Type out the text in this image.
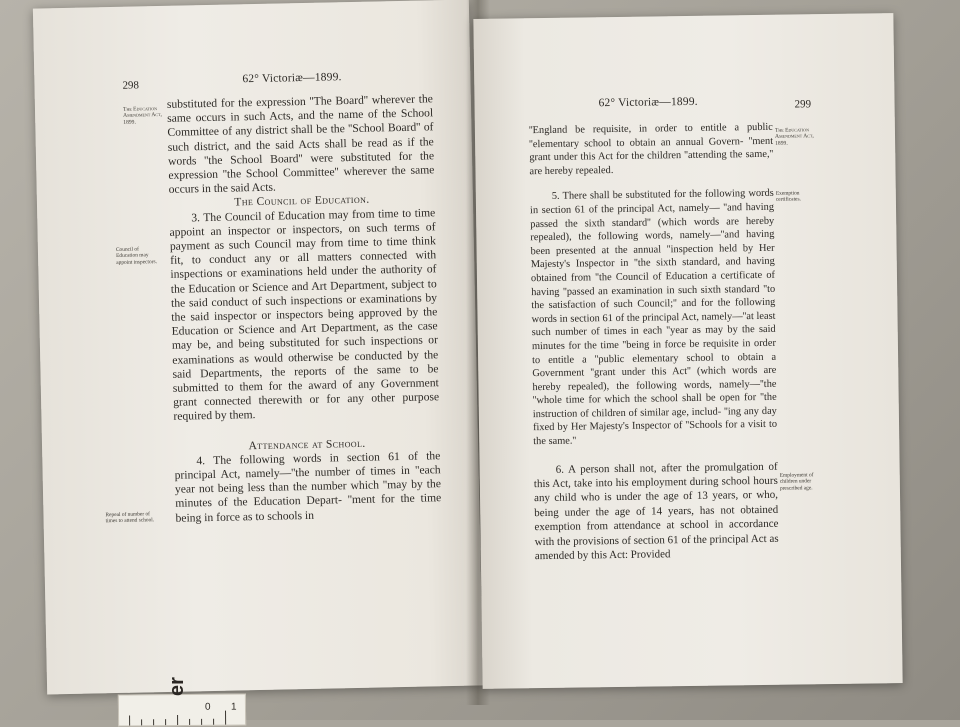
298
62° Victoriæ—1899.
The Education Amendment Act, 1899.
Council of Education may appoint inspectors.
Repeal of number of times to attend school.

substituted for the expression ''The Board'' wherever the same occurs in such Acts, and the name of the School Committee of any district shall be the ''School Board'' of such district, and the said Acts shall be read as if the words ''the School Board'' were substituted for the expression ''the School Committee'' wherever the same occurs in the said Acts.

The Council of Education.

3. The Council of Education may from time to time appoint an inspector or inspectors, on such terms of payment as such Council may from time to time think fit, to conduct any or all matters connected with inspections or examinations held under the authority of the Education or Science and Art Department, subject to the said conduct of such inspections or examinations by the said inspector or inspectors being approved by the Education or Science and Art Department, as the case may be, and being substituted for such inspections or examinations as would otherwise be conducted by the said Departments, the reports of the same to be submitted to them for the award of any Government grant connected therewith or for any other purpose required by them.

Attendance at School.

4. The following words in section 61 of the principal Act, namely—''the number of times in ''each year not being less than the number which ''may by the minutes of the Education Depart- ''ment for the time being in force as to schools in

62° Victoriæ—1899.	299
The Education Amendment Act, 1899.
Exemption certificates.
Employment of children under prescribed age.

''England be requisite, in order to entitle a public ''elementary school to obtain an annual Govern- ''ment grant under this Act for the children ''attending the same,'' are hereby repealed.

5. There shall be substituted for the following words in section 61 of the principal Act, namely— ''and having passed the sixth standard'' (which words are hereby repealed), the following words, namely—''and having been presented at the annual ''inspection held by Her Majesty's Inspector in ''the sixth standard, and having obtained from ''the Council of Education a certificate of having ''passed an examination in such sixth standard ''to the satisfaction of such Council;'' and for the following words in section 61 of the principal Act, namely—''at least such number of times in each ''year as may by the said minutes for the time ''being in force be requisite in order to entitle a ''public elementary school to obtain a Government ''grant under this Act'' (which words are hereby repealed), the following words, namely—''the ''whole time for which the school shall be open for ''the instruction of children of similar age, includ- ''ing any day fixed by Her Majesty's Inspector of ''Schools for a visit to the same.''

6. A person shall not, after the promulgation of this Act, take into his employment during school hours any child who is under the age of 13 years, or who, being under the age of 14 years, has not obtained exemption from attendance at school in accordance with the provisions of section 61 of the principal Act as amended by this Act: Provided

0 1
er
